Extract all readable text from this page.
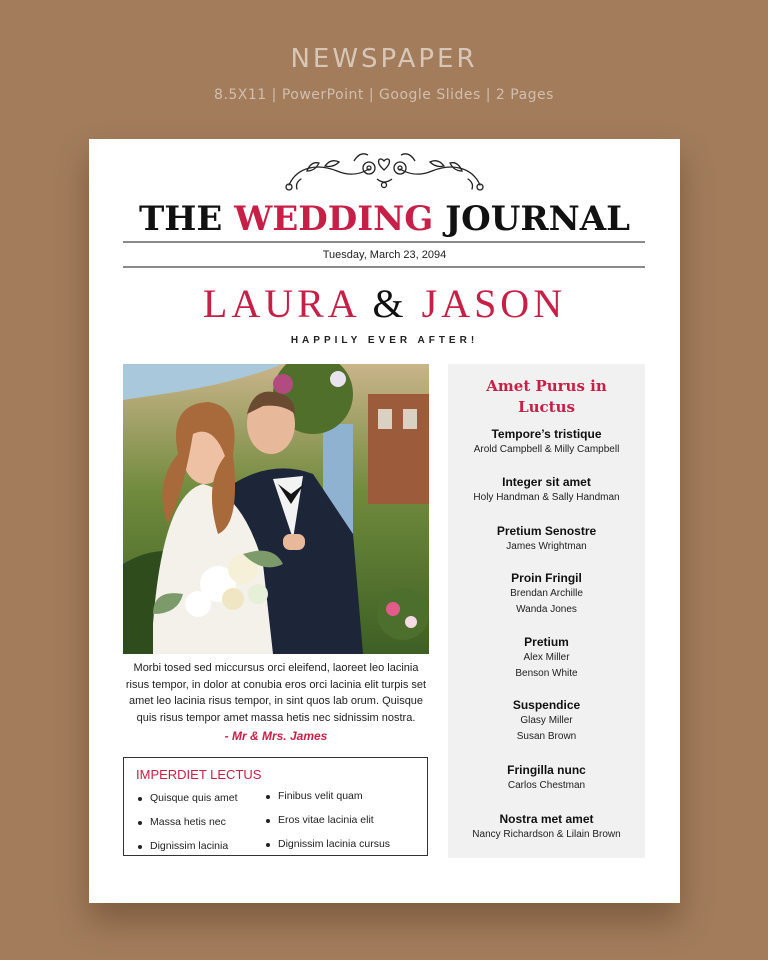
NEWSPAPER
8.5X11 | PowerPoint | Google Slides | 2 Pages
THE WEDDING JOURNAL
Tuesday, March 23, 2094
LAURA & JASON
HAPPILY EVER AFTER!
Morbi tosed sed miccursus orci eleifend, laoreet leo lacinia risus tempor, in dolor at conubia eros orci lacinia elit turpis set amet leo lacinia risus tempor, in sint quos lab orum. Quisque quis risus tempor amet massa hetis nec sidnissim nostra.
- Mr & Mrs. James
IMPERDIET LECTUS
Quisque quis amet
Massa hetis nec
Dignissim lacinia
Finibus velit quam
Eros vitae lacinia elit
Dignissim lacinia cursus
Amet Purus in
Luctus
Tempore’s tristique
Arold Campbell & Milly Campbell
Integer sit amet
Holy Handman & Sally Handman
Pretium Senostre
James Wrightman
Proin Fringil
Brendan Archille
Wanda Jones
Pretium
Alex Miller
Benson White
Suspendice
Glasy Miller
Susan Brown
Fringilla nunc
Carlos Chestman
Nostra met amet
Nancy Richardson & Lilain Brown
